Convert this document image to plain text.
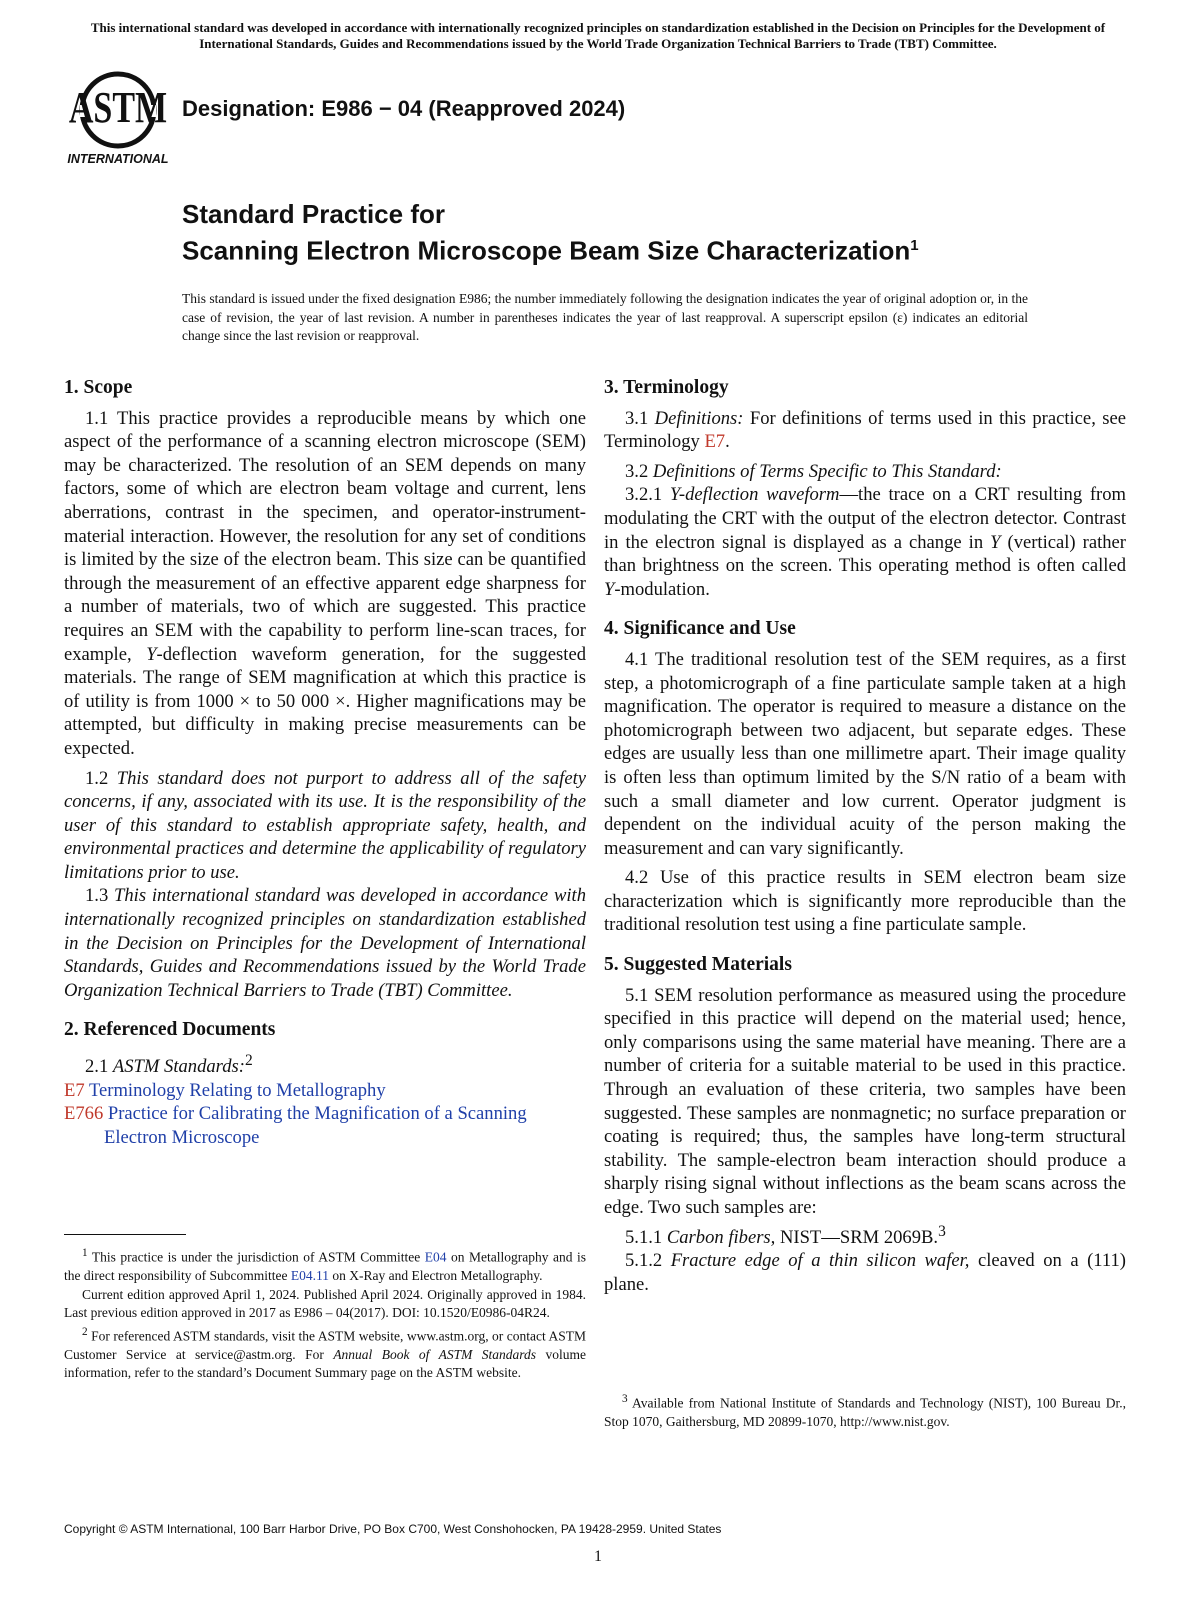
This international standard was developed in accordance with internationally recognized principles on standardization established in the Decision on Principles for the Development of International Standards, Guides and Recommendations issued by the World Trade Organization Technical Barriers to Trade (TBT) Committee.
ASTM
INTERNATIONAL
Designation: E986 − 04 (Reapproved 2024)
Standard Practice for
Scanning Electron Microscope Beam Size Characterization$^1$
This standard is issued under the fixed designation E986; the number immediately following the designation indicates the year of original adoption or, in the case of revision, the year of last revision. A number in parentheses indicates the year of last reapproval. A superscript epsilon (ε) indicates an editorial change since the last revision or reapproval.
1. Scope

1.1 This practice provides a reproducible means by which one aspect of the performance of a scanning electron microscope (SEM) may be characterized. The resolution of an SEM depends on many factors, some of which are electron beam voltage and current, lens aberrations, contrast in the specimen, and operator-instrument-material interaction. However, the resolution for any set of conditions is limited by the size of the electron beam. This size can be quantified through the measurement of an effective apparent edge sharpness for a number of materials, two of which are suggested. This practice requires an SEM with the capability to perform line-scan traces, for example, Y-deflection waveform generation, for the suggested materials. The range of SEM magnification at which this practice is of utility is from 1000 × to 50 000 ×. Higher magnifications may be attempted, but difficulty in making precise measurements can be expected.

1.2 This standard does not purport to address all of the safety concerns, if any, associated with its use. It is the responsibility of the user of this standard to establish appropriate safety, health, and environmental practices and determine the applicability of regulatory limitations prior to use.

1.3 This international standard was developed in accordance with internationally recognized principles on standardization established in the Decision on Principles for the Development of International Standards, Guides and Recommendations issued by the World Trade Organization Technical Barriers to Trade (TBT) Committee.

2. Referenced Documents

2.1 ASTM Standards:$^2$

E7 Terminology Relating to Metallography

E766 Practice for Calibrating the Magnification of a Scanning Electron Microscope

$^1$ This practice is under the jurisdiction of ASTM Committee E04 on Metallography and is the direct responsibility of Subcommittee E04.11 on X-Ray and Electron Metallography.

Current edition approved April 1, 2024. Published April 2024. Originally approved in 1984. Last previous edition approved in 2017 as E986 – 04(2017). DOI: 10.1520/E0986-04R24.

$^2$ For referenced ASTM standards, visit the ASTM website, www.astm.org, or contact ASTM Customer Service at service@astm.org. For Annual Book of ASTM Standards volume information, refer to the standard’s Document Summary page on the ASTM website.

3. Terminology

3.1 Definitions: For definitions of terms used in this practice, see Terminology E7.

3.2 Definitions of Terms Specific to This Standard:

3.2.1 Y-deflection waveform—the trace on a CRT resulting from modulating the CRT with the output of the electron detector. Contrast in the electron signal is displayed as a change in Y (vertical) rather than brightness on the screen. This operating method is often called Y-modulation.

4. Significance and Use

4.1 The traditional resolution test of the SEM requires, as a first step, a photomicrograph of a fine particulate sample taken at a high magnification. The operator is required to measure a distance on the photomicrograph between two adjacent, but separate edges. These edges are usually less than one millimetre apart. Their image quality is often less than optimum limited by the S/N ratio of a beam with such a small diameter and low current. Operator judgment is dependent on the individual acuity of the person making the measurement and can vary significantly.

4.2 Use of this practice results in SEM electron beam size characterization which is significantly more reproducible than the traditional resolution test using a fine particulate sample.

5. Suggested Materials

5.1 SEM resolution performance as measured using the procedure specified in this practice will depend on the material used; hence, only comparisons using the same material have meaning. There are a number of criteria for a suitable material to be used in this practice. Through an evaluation of these criteria, two samples have been suggested. These samples are nonmagnetic; no surface preparation or coating is required; thus, the samples have long-term structural stability. The sample-electron beam interaction should produce a sharply rising signal without inflections as the beam scans across the edge. Two such samples are:

5.1.1 Carbon fibers, NIST—SRM 2069B.$^3$

5.1.2 Fracture edge of a thin silicon wafer, cleaved on a (111) plane.

$^3$ Available from National Institute of Standards and Technology (NIST), 100 Bureau Dr., Stop 1070, Gaithersburg, MD 20899-1070, http://www.nist.gov.

Copyright © ASTM International, 100 Barr Harbor Drive, PO Box C700, West Conshohocken, PA 19428-2959. United States
1
